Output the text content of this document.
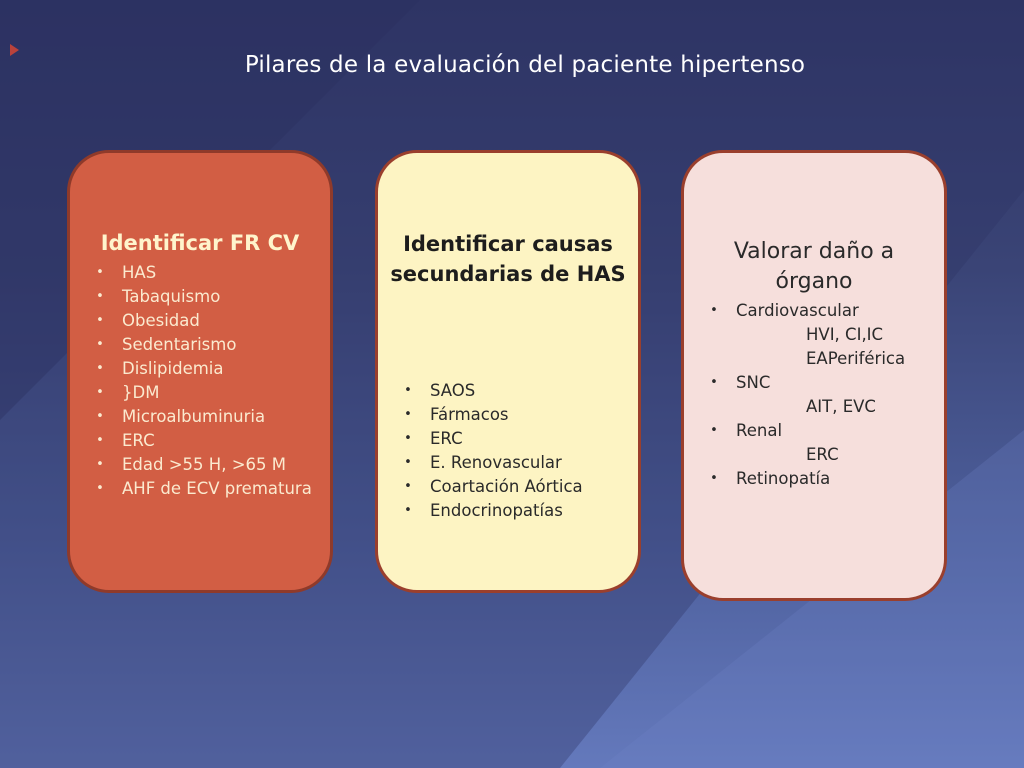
Pilares de la evaluación del paciente hipertenso
Identificar FR CV
•	HAS
•	Tabaquismo
•	Obesidad
•	Sedentarismo
•	Dislipidemia
•	}DM
•	Microalbuminuria
•	ERC
•	Edad >55 H, >65 M
•	AHF de ECV prematura
Identificar causas secundarias de HAS
•	SAOS
•	Fármacos
•	ERC
•	E. Renovascular
•	Coartación Aórtica
•	Endocrinopatías
Valorar daño a órgano
•	Cardiovascular
HVI, CI,IC
EAPeriférica
•	SNC
AIT, EVC
•	Renal
ERC
•	Retinopatía
